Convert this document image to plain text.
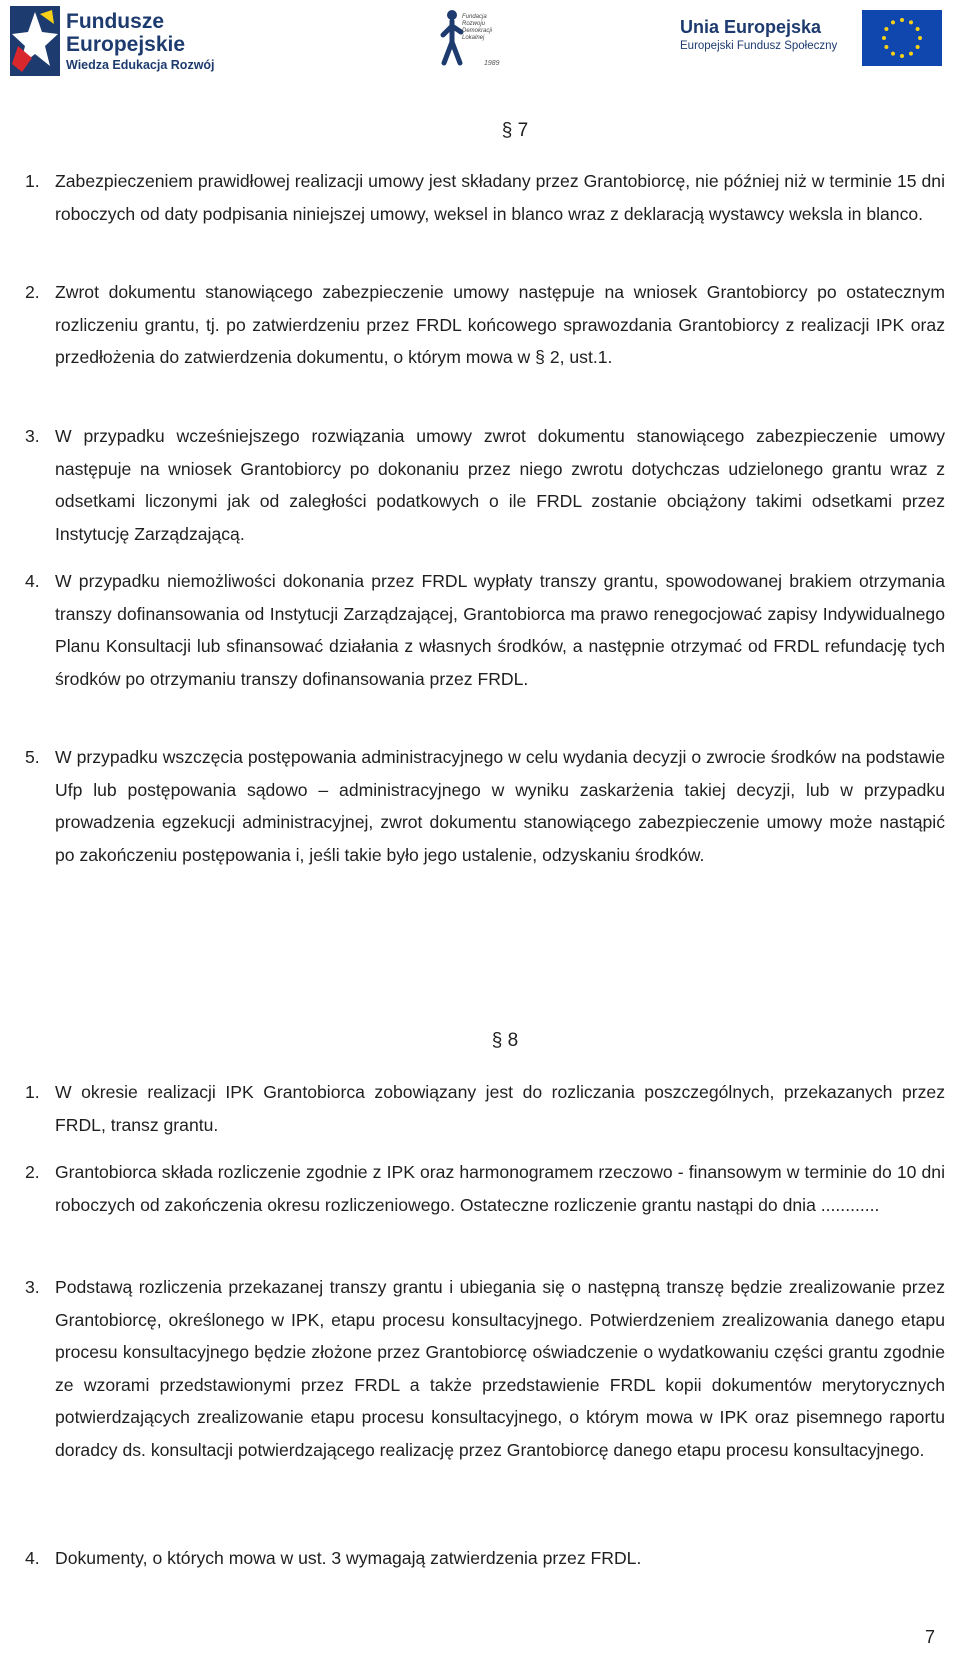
Fundusze
Europejskie
Wiedza Edukacja Rozwój
Fundacja Rozwoju Demokracji Lokalnej
1989
Unia Europejska
Europejski Fundusz Społeczny
§ 7
1. Zabezpieczeniem prawidłowej realizacji umowy jest składany przez Grantobiorcę, nie później niż w terminie 15 dni roboczych od daty podpisania niniejszej umowy, weksel in blanco wraz z deklaracją wystawcy weksla in blanco.
2. Zwrot dokumentu stanowiącego zabezpieczenie umowy następuje na wniosek Grantobiorcy po ostatecznym rozliczeniu grantu, tj. po zatwierdzeniu przez FRDL końcowego sprawozdania Grantobiorcy z realizacji IPK oraz przedłożenia do zatwierdzenia dokumentu, o którym mowa w § 2, ust.1.
3. W przypadku wcześniejszego rozwiązania umowy zwrot dokumentu stanowiącego zabezpieczenie umowy następuje na wniosek Grantobiorcy po dokonaniu przez niego zwrotu dotychczas udzielonego grantu wraz z odsetkami liczonymi jak od zaległości podatkowych o ile FRDL zostanie obciążony takimi odsetkami przez Instytucję Zarządzającą.
4. W przypadku niemożliwości dokonania przez FRDL wypłaty transzy grantu, spowodowanej brakiem otrzymania transzy dofinansowania od Instytucji Zarządzającej, Grantobiorca ma prawo renegocjować zapisy Indywidualnego Planu Konsultacji lub sfinansować działania z własnych środków, a następnie otrzymać od FRDL refundację tych środków po otrzymaniu transzy dofinansowania przez FRDL.
5. W przypadku wszczęcia postępowania administracyjnego w celu wydania decyzji o zwrocie środków na podstawie Ufp lub postępowania sądowo – administracyjnego w wyniku zaskarżenia takiej decyzji, lub w przypadku prowadzenia egzekucji administracyjnej, zwrot dokumentu stanowiącego zabezpieczenie umowy może nastąpić po zakończeniu postępowania i, jeśli takie było jego ustalenie, odzyskaniu środków.
§ 8
1. W okresie realizacji IPK Grantobiorca zobowiązany jest do rozliczania poszczególnych, przekazanych przez FRDL, transz grantu.
2. Grantobiorca składa rozliczenie zgodnie z IPK oraz harmonogramem rzeczowo - finansowym w terminie do 10 dni roboczych od zakończenia okresu rozliczeniowego. Ostateczne rozliczenie grantu nastąpi do dnia ............
3. Podstawą rozliczenia przekazanej transzy grantu i ubiegania się o następną transzę będzie zrealizowanie przez Grantobiorcę, określonego w IPK, etapu procesu konsultacyjnego. Potwierdzeniem zrealizowania danego etapu procesu konsultacyjnego będzie złożone przez Grantobiorcę oświadczenie o wydatkowaniu części grantu zgodnie ze wzorami przedstawionymi przez FRDL a także przedstawienie FRDL kopii dokumentów merytorycznych potwierdzających zrealizowanie etapu procesu konsultacyjnego, o którym mowa w IPK oraz pisemnego raportu doradcy ds. konsultacji potwierdzającego realizację przez Grantobiorcę danego etapu procesu konsultacyjnego.
4. Dokumenty, o których mowa w ust. 3 wymagają zatwierdzenia przez FRDL.
7
